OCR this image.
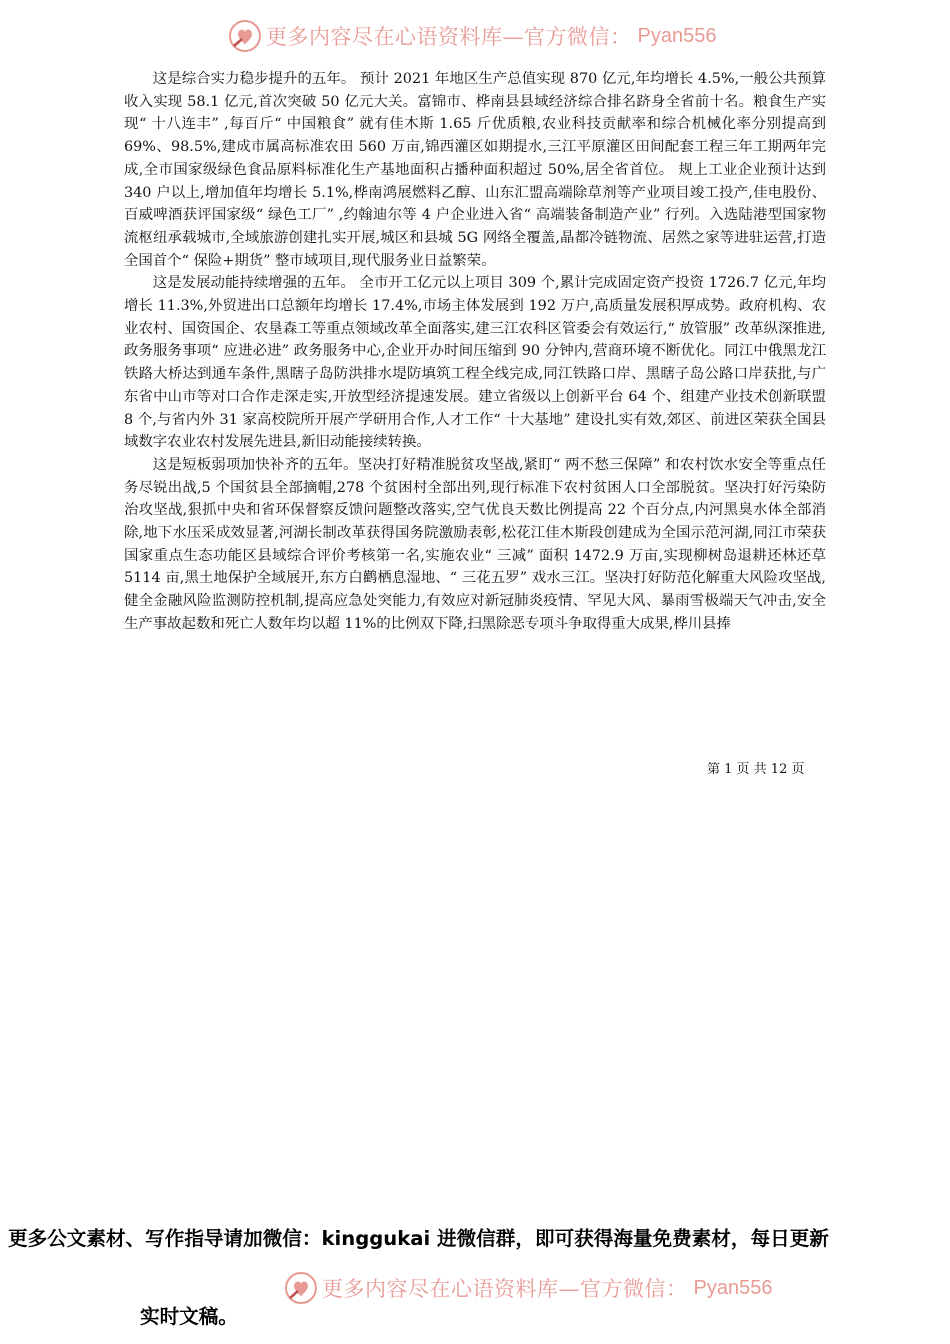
更多内容尽在心语资料库—官方微信： Pyan556

这是综合实力稳步提升的五年。 预计 2021 年地区生产总值实现 870 亿元,年均增长 4.5%,一般公共预算收入实现 58.1 亿元,首次突破 50 亿元大关。富锦市、桦南县县域经济综合排名跻身全省前十名。粮食生产实现“ 十八连丰” ,每百斤“ 中国粮食” 就有佳木斯 1.65 斤优质粮,农业科技贡献率和综合机械化率分别提高到 69%、98.5%,建成市属高标准农田 560 万亩,锦西灌区如期提水,三江平原灌区田间配套工程三年工期两年完成,全市国家级绿色食品原料标准化生产基地面积占播种面积超过 50%,居全省首位。 规上工业企业预计达到 340 户以上,增加值年均增长 5.1%,桦南鸿展燃料乙醇、山东汇盟高端除草剂等产业项目竣工投产,佳电股份、百威啤酒获评国家级“ 绿色工厂” ,约翰迪尔等 4 户企业进入省“ 高端装备制造产业” 行列。入选陆港型国家物流枢纽承载城市,全域旅游创建扎实开展,城区和县城 5G 网络全覆盖,晶都冷链物流、居然之家等进驻运营,打造全国首个“ 保险+期货” 整市域项目,现代服务业日益繁荣。

这是发展动能持续增强的五年。 全市开工亿元以上项目 309 个,累计完成固定资产投资 1726.7 亿元,年均增长 11.3%,外贸进出口总额年均增长 17.4%,市场主体发展到 192 万户,高质量发展积厚成势。政府机构、农业农村、国资国企、农垦森工等重点领域改革全面落实,建三江农科区管委会有效运行,“ 放管服” 改革纵深推进,政务服务事项“ 应进必进” 政务服务中心,企业开办时间压缩到 90 分钟内,营商环境不断优化。同江中俄黑龙江铁路大桥达到通车条件,黑瞎子岛防洪排水堤防填筑工程全线完成,同江铁路口岸、黑瞎子岛公路口岸获批,与广东省中山市等对口合作走深走实,开放型经济提速发展。建立省级以上创新平台 64 个、组建产业技术创新联盟 8 个,与省内外 31 家高校院所开展产学研用合作,人才工作“ 十大基地” 建设扎实有效,郊区、前进区荣获全国县域数字农业农村发展先进县,新旧动能接续转换。

这是短板弱项加快补齐的五年。坚决打好精准脱贫攻坚战,紧盯“ 两不愁三保障” 和农村饮水安全等重点任务尽锐出战,5 个国贫县全部摘帽,278 个贫困村全部出列,现行标准下农村贫困人口全部脱贫。坚决打好污染防治攻坚战,狠抓中央和省环保督察反馈问题整改落实,空气优良天数比例提高 22 个百分点,内河黑臭水体全部消除,地下水压采成效显著,河湖长制改革获得国务院激励表彰,松花江佳木斯段创建成为全国示范河湖,同江市荣获国家重点生态功能区县域综合评价考核第一名,实施农业“ 三减” 面积 1472.9 万亩,实现柳树岛退耕还林还草 5114 亩,黑土地保护全域展开,东方白鹳栖息湿地、“ 三花五罗” 戏水三江。坚决打好防范化解重大风险攻坚战,健全金融风险监测防控机制,提高应急处突能力,有效应对新冠肺炎疫情、罕见大风、暴雨雪极端天气冲击,安全生产事故起数和死亡人数年均以超 11%的比例双下降,扫黑除恶专项斗争取得重大成果,桦川县捧

第 1 页 共 12 页
更多公文素材、写作指导请加微信：kinggukai 进微信群，即可获得海量免费素材，每日更新
更多内容尽在心语资料库—官方微信： Pyan556
实时文稿。
